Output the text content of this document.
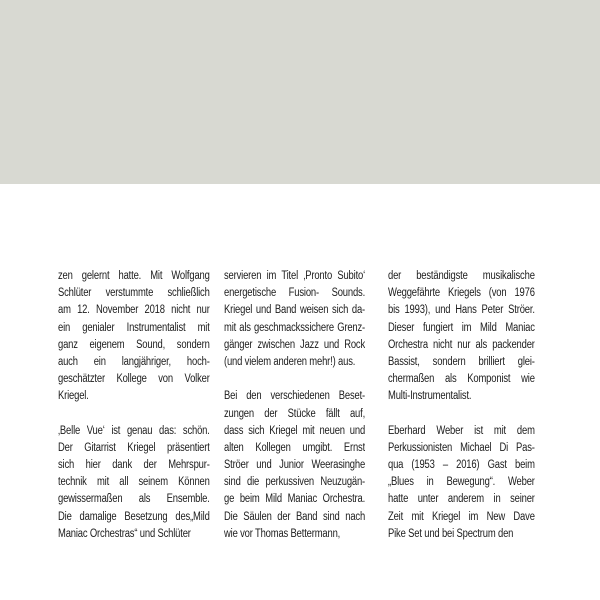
zen gelernt hatte. Mit Wolfgang
Schlüter verstummte schließlich
am 12. November 2018 nicht nur
ein genialer Instrumentalist mit
ganz eigenem Sound, sondern
auch ein langjähriger, hoch-
geschätzter Kollege von Volker
Kriegel.
‚Belle Vue‘ ist genau das: schön.
Der Gitarrist Kriegel präsentiert
sich hier dank der Mehrspur-
technik mit all seinem Können
gewissermaßen als Ensemble.
Die damalige Besetzung des„Mild
Maniac Orchestras“ und Schlüter
servieren im Titel ‚Pronto Subito‘
energetische Fusion- Sounds.
Kriegel und Band weisen sich da-
mit als geschmackssichere Grenz-
gänger zwischen Jazz und Rock
(und vielem anderen mehr!) aus.
Bei den verschiedenen Beset-
zungen der Stücke fällt auf,
dass sich Kriegel mit neuen und
alten Kollegen umgibt. Ernst
Ströer und Junior Weerasinghe
sind die perkussiven Neuzugän-
ge beim Mild Maniac Orchestra.
Die Säulen der Band sind nach
wie vor Thomas Bettermann,
der beständigste musikalische
Weggefährte Kriegels (von 1976
bis 1993), und Hans Peter Ströer.
Dieser fungiert im Mild Maniac
Orchestra nicht nur als packender
Bassist, sondern brilliert glei-
chermaßen als Komponist wie
Multi-Instrumentalist.
Eberhard Weber ist mit dem
Perkussionisten Michael Di Pas-
qua (1953 – 2016) Gast beim
„Blues in Bewegung“. Weber
hatte unter anderem in seiner
Zeit mit Kriegel im New Dave
Pike Set und bei Spectrum den
